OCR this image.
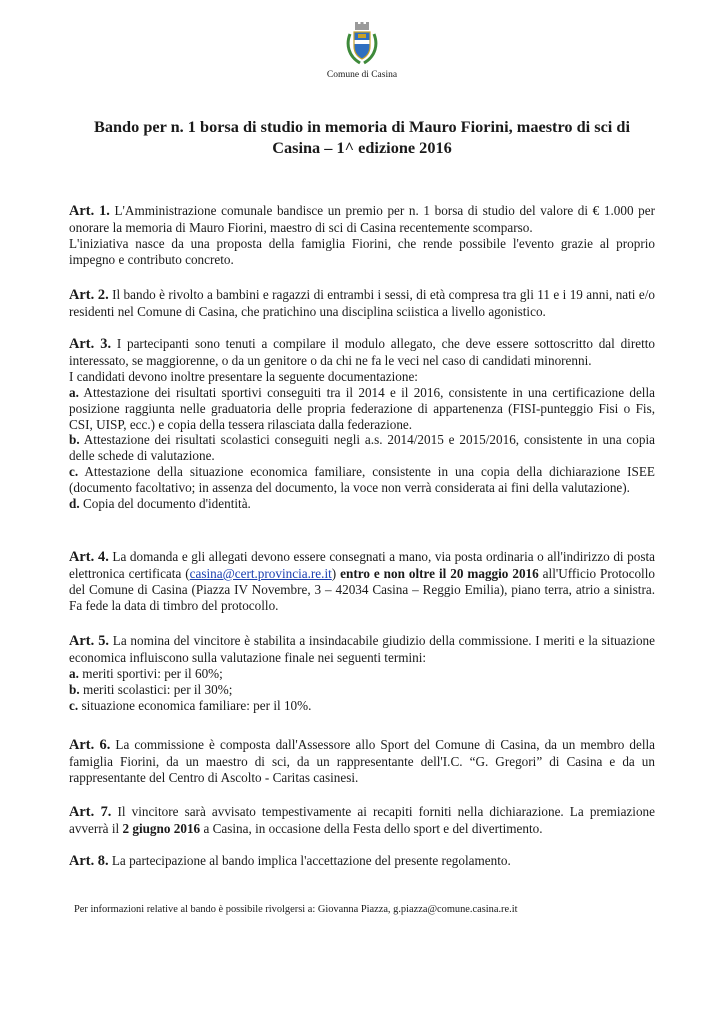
Comune di Casina
Bando per n. 1 borsa di studio in memoria di Mauro Fiorini, maestro di sci di
Casina – 1^ edizione 2016

Art. 1. L'Amministrazione comunale bandisce un premio per n. 1 borsa di studio del valore di € 1.000 per onorare la memoria di Mauro Fiorini, maestro di sci di Casina recentemente scomparso.

L'iniziativa nasce da una proposta della famiglia Fiorini, che rende possibile l'evento grazie al proprio impegno e contributo concreto.

Art. 2. Il bando è rivolto a bambini e ragazzi di entrambi i sessi, di età compresa tra gli 11 e i 19 anni, nati e/o residenti nel Comune di Casina, che pratichino una disciplina sciistica a livello agonistico.

Art. 3. I partecipanti sono tenuti a compilare il modulo allegato, che deve essere sottoscritto dal diretto interessato, se maggiorenne, o da un genitore o da chi ne fa le veci nel caso di candidati minorenni.

I candidati devono inoltre presentare la seguente documentazione:

a. Attestazione dei risultati sportivi conseguiti tra il 2014 e il 2016, consistente in una certificazione della posizione raggiunta nelle graduatoria delle propria federazione di appartenenza (FISI-punteggio Fisi o Fis, CSI, UISP, ecc.) e copia della tessera rilasciata dalla federazione.

b. Attestazione dei risultati scolastici conseguiti negli a.s. 2014/2015 e 2015/2016, consistente in una copia delle schede di valutazione.

c. Attestazione della situazione economica familiare, consistente in una copia della dichiarazione ISEE (documento facoltativo; in assenza del documento, la voce non verrà considerata ai fini della valutazione).

d. Copia del documento d'identità.

Art. 4. La domanda e gli allegati devono essere consegnati a mano, via posta ordinaria o all'indirizzo di posta elettronica certificata (casina@cert.provincia.re.it) entro e non oltre il 20 maggio 2016 all'Ufficio Protocollo del Comune di Casina (Piazza IV Novembre, 3 – 42034 Casina – Reggio Emilia), piano terra, atrio a sinistra. Fa fede la data di timbro del protocollo.

Art. 5. La nomina del vincitore è stabilita a insindacabile giudizio della commissione. I meriti e la situazione economica influiscono sulla valutazione finale nei seguenti termini:

a. meriti sportivi: per il 60%;

b. meriti scolastici: per il 30%;

c. situazione economica familiare: per il 10%.

Art. 6. La commissione è composta dall'Assessore allo Sport del Comune di Casina, da un membro della famiglia Fiorini, da un maestro di sci, da un rappresentante dell'I.C. “G. Gregori” di Casina e da un rappresentante del Centro di Ascolto - Caritas casinesi.

Art. 7. Il vincitore sarà avvisato tempestivamente ai recapiti forniti nella dichiarazione. La premiazione avverrà il 2 giugno 2016 a Casina, in occasione della Festa dello sport e del divertimento.

Art. 8. La partecipazione al bando implica l'accettazione del presente regolamento.

Per informazioni relative al bando è possibile rivolgersi a: Giovanna Piazza, g.piazza@comune.casina.re.it
